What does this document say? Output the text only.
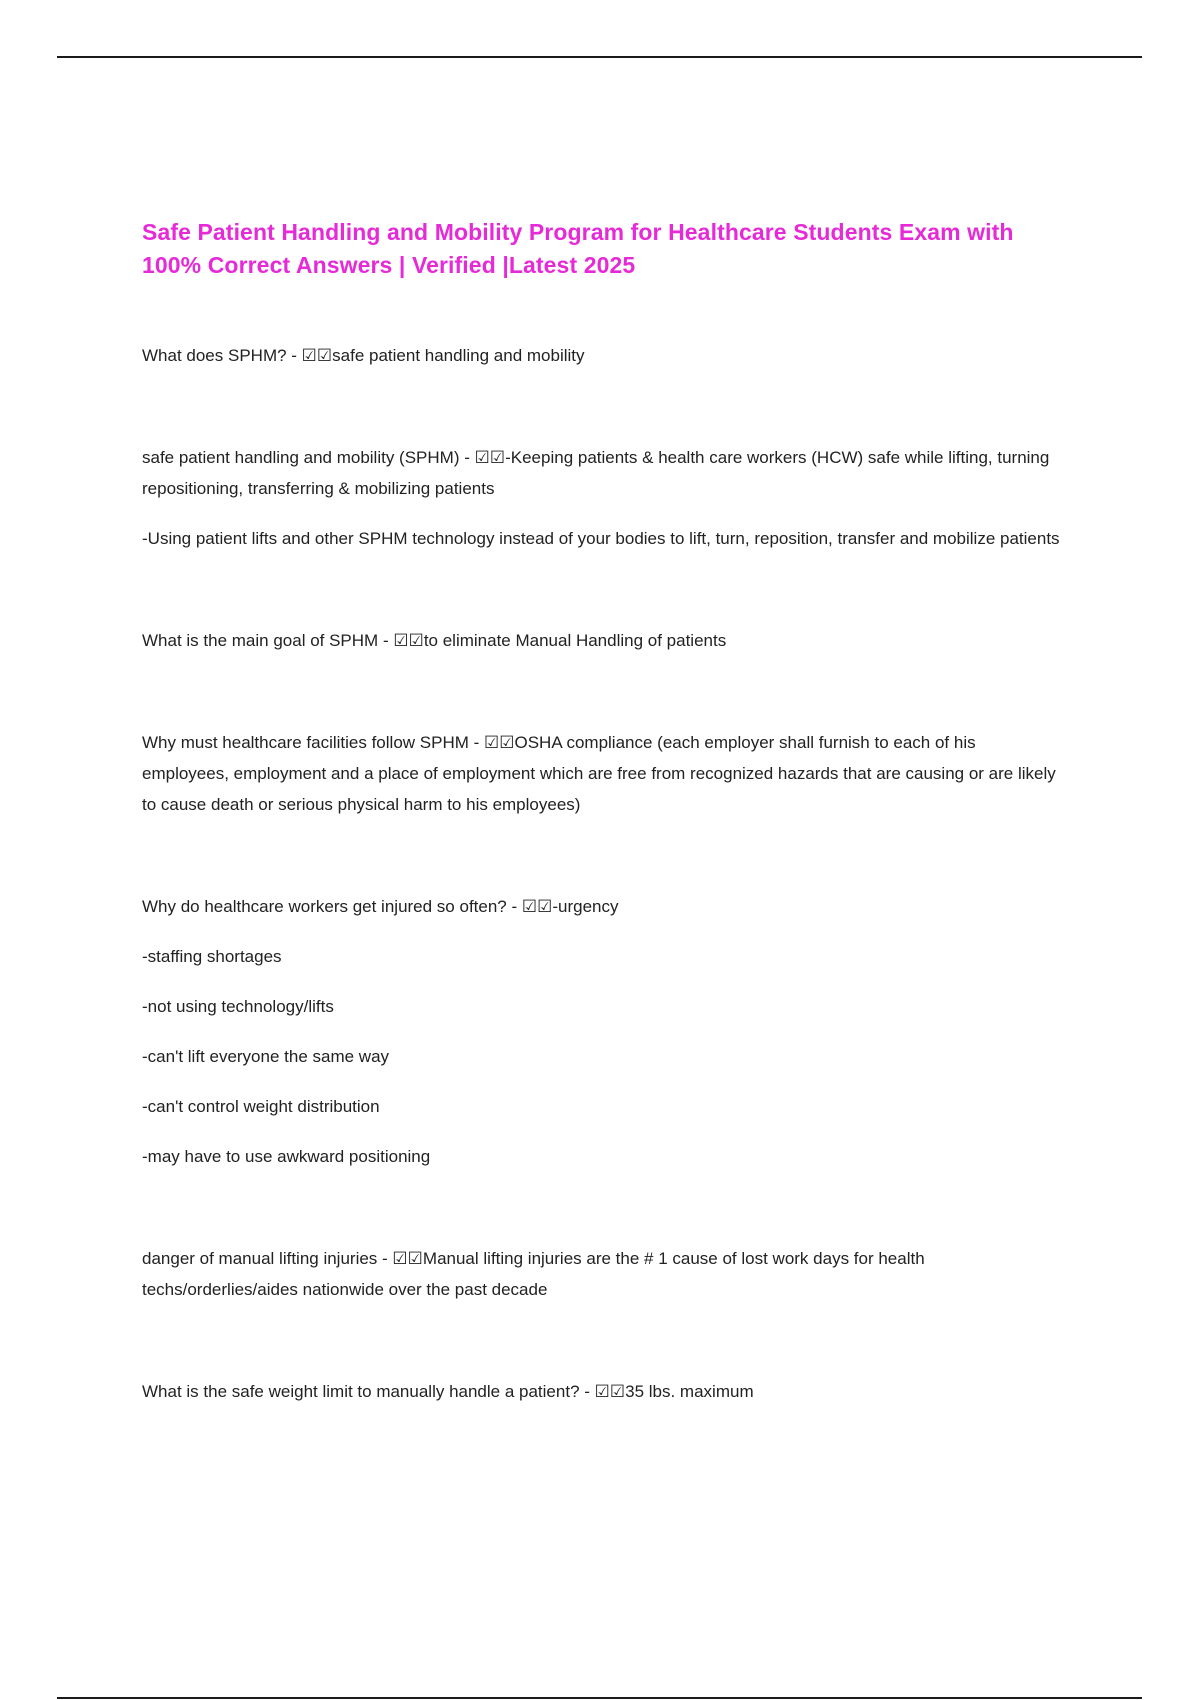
Safe Patient Handling and Mobility Program for Healthcare Students Exam with 100% Correct Answers | Verified |Latest 2025

What does SPHM? - ☑☑safe patient handling and mobility

safe patient handling and mobility (SPHM) - ☑☑-Keeping patients & health care workers (HCW) safe while lifting, turning repositioning, transferring & mobilizing patients

-Using patient lifts and other SPHM technology instead of your bodies to lift, turn, reposition, transfer and mobilize patients

What is the main goal of SPHM - ☑☑to eliminate Manual Handling of patients

Why must healthcare facilities follow SPHM - ☑☑OSHA compliance (each employer shall furnish to each of his employees, employment and a place of employment which are free from recognized hazards that are causing or are likely to cause death or serious physical harm to his employees)

Why do healthcare workers get injured so often? - ☑☑-urgency

-staffing shortages

-not using technology/lifts

-can't lift everyone the same way

-can't control weight distribution

-may have to use awkward positioning

danger of manual lifting injuries - ☑☑Manual lifting injuries are the # 1 cause of lost work days for health techs/orderlies/aides nationwide over the past decade

What is the safe weight limit to manually handle a patient? - ☑☑35 lbs. maximum
